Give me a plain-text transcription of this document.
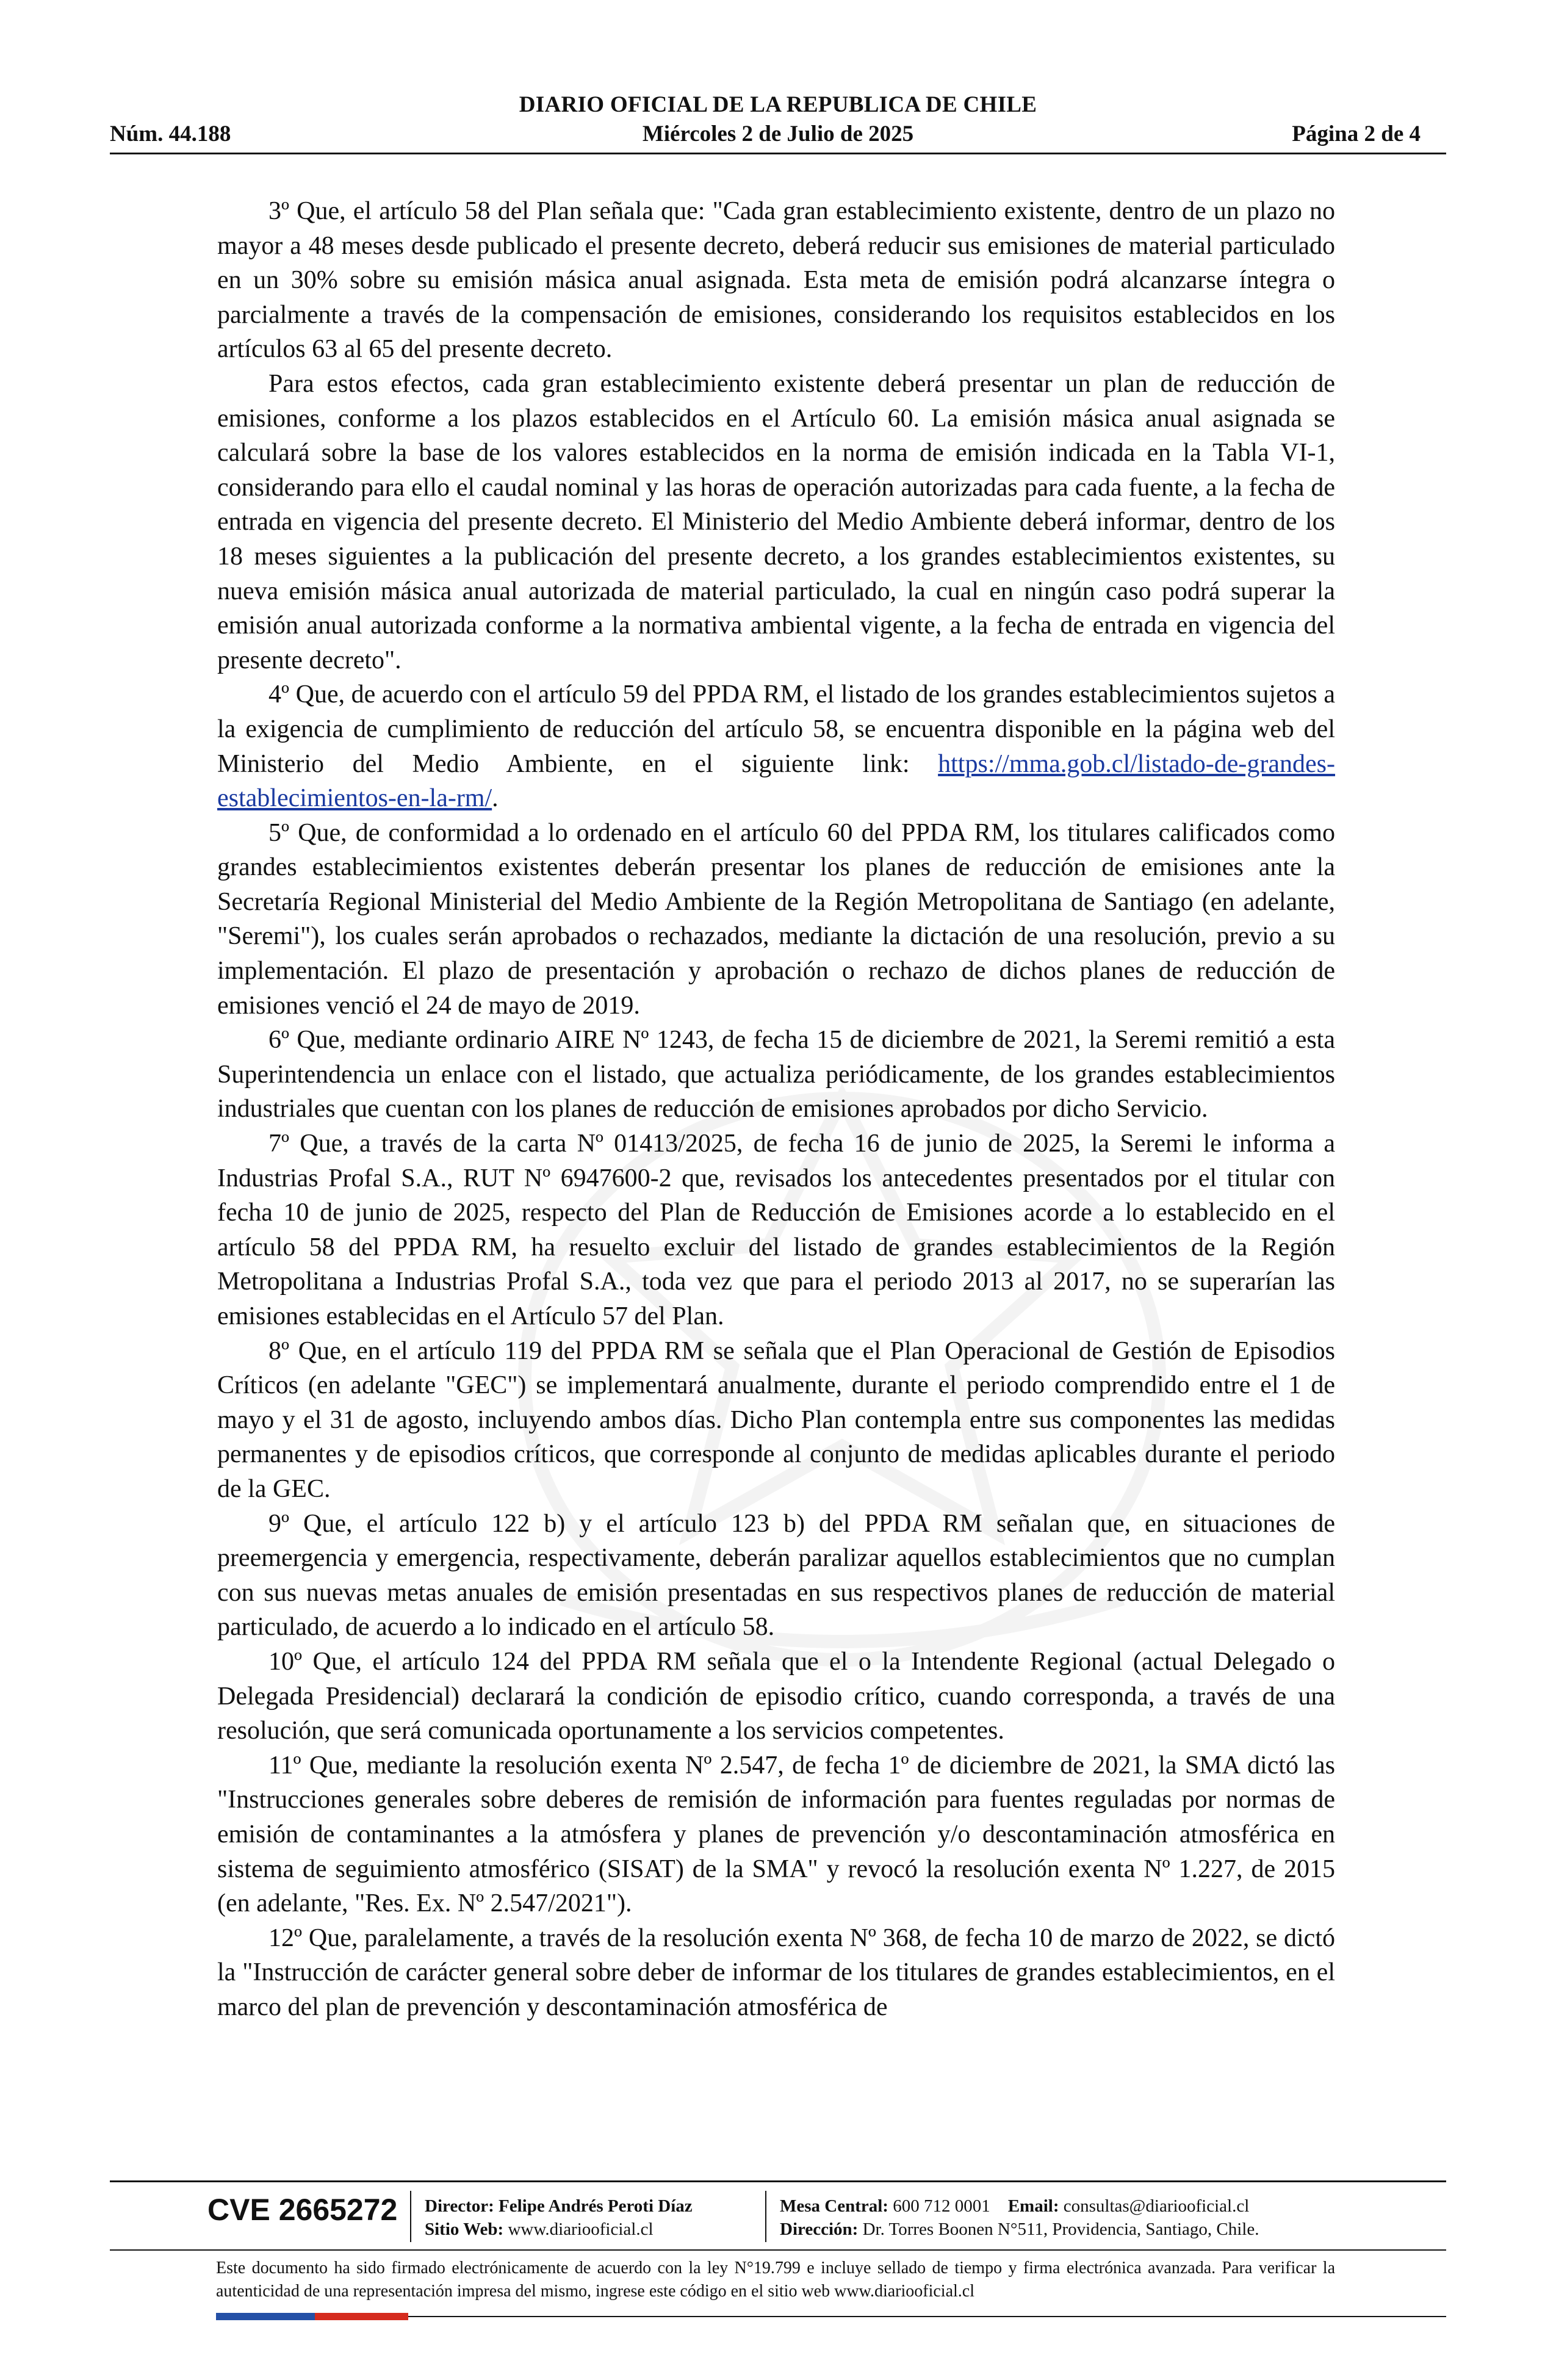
DIARIO OFICIAL DE LA REPUBLICA DE CHILE
Núm. 44.188	Miércoles 2 de Julio de 2025	Página 2 de 4

3º Que, el artículo 58 del Plan señala que: "Cada gran establecimiento existente, dentro de un plazo no mayor a 48 meses desde publicado el presente decreto, deberá reducir sus emisiones de material particulado en un 30% sobre su emisión másica anual asignada. Esta meta de emisión podrá alcanzarse íntegra o parcialmente a través de la compensación de emisiones, considerando los requisitos establecidos en los artículos 63 al 65 del presente decreto.

Para estos efectos, cada gran establecimiento existente deberá presentar un plan de reducción de emisiones, conforme a los plazos establecidos en el Artículo 60. La emisión másica anual asignada se calculará sobre la base de los valores establecidos en la norma de emisión indicada en la Tabla VI-1, considerando para ello el caudal nominal y las horas de operación autorizadas para cada fuente, a la fecha de entrada en vigencia del presente decreto. El Ministerio del Medio Ambiente deberá informar, dentro de los 18 meses siguientes a la publicación del presente decreto, a los grandes establecimientos existentes, su nueva emisión másica anual autorizada de material particulado, la cual en ningún caso podrá superar la emisión anual autorizada conforme a la normativa ambiental vigente, a la fecha de entrada en vigencia del presente decreto".

4º Que, de acuerdo con el artículo 59 del PPDA RM, el listado de los grandes establecimientos sujetos a la exigencia de cumplimiento de reducción del artículo 58, se encuentra disponible en la página web del Ministerio del Medio Ambiente, en el siguiente link: https://mma.gob.cl/listado-de-grandes-establecimientos-en-la-rm/.

5º Que, de conformidad a lo ordenado en el artículo 60 del PPDA RM, los titulares calificados como grandes establecimientos existentes deberán presentar los planes de reducción de emisiones ante la Secretaría Regional Ministerial del Medio Ambiente de la Región Metropolitana de Santiago (en adelante, "Seremi"), los cuales serán aprobados o rechazados, mediante la dictación de una resolución, previo a su implementación. El plazo de presentación y aprobación o rechazo de dichos planes de reducción de emisiones venció el 24 de mayo de 2019.

6º Que, mediante ordinario AIRE Nº 1243, de fecha 15 de diciembre de 2021, la Seremi remitió a esta Superintendencia un enlace con el listado, que actualiza periódicamente, de los grandes establecimientos industriales que cuentan con los planes de reducción de emisiones aprobados por dicho Servicio.

7º Que, a través de la carta Nº 01413/2025, de fecha 16 de junio de 2025, la Seremi le informa a Industrias Profal S.A., RUT Nº 6947600-2 que, revisados los antecedentes presentados por el titular con fecha 10 de junio de 2025, respecto del Plan de Reducción de Emisiones acorde a lo establecido en el artículo 58 del PPDA RM, ha resuelto excluir del listado de grandes establecimientos de la Región Metropolitana a Industrias Profal S.A., toda vez que para el periodo 2013 al 2017, no se superarían las emisiones establecidas en el Artículo 57 del Plan.

8º Que, en el artículo 119 del PPDA RM se señala que el Plan Operacional de Gestión de Episodios Críticos (en adelante "GEC") se implementará anualmente, durante el periodo comprendido entre el 1 de mayo y el 31 de agosto, incluyendo ambos días. Dicho Plan contempla entre sus componentes las medidas permanentes y de episodios críticos, que corresponde al conjunto de medidas aplicables durante el periodo de la GEC.

9º Que, el artículo 122 b) y el artículo 123 b) del PPDA RM señalan que, en situaciones de preemergencia y emergencia, respectivamente, deberán paralizar aquellos establecimientos que no cumplan con sus nuevas metas anuales de emisión presentadas en sus respectivos planes de reducción de material particulado, de acuerdo a lo indicado en el artículo 58.

10º Que, el artículo 124 del PPDA RM señala que el o la Intendente Regional (actual Delegado o Delegada Presidencial) declarará la condición de episodio crítico, cuando corresponda, a través de una resolución, que será comunicada oportunamente a los servicios competentes.

11º Que, mediante la resolución exenta Nº 2.547, de fecha 1º de diciembre de 2021, la SMA dictó las "Instrucciones generales sobre deberes de remisión de información para fuentes reguladas por normas de emisión de contaminantes a la atmósfera y planes de prevención y/o descontaminación atmosférica en sistema de seguimiento atmosférico (SISAT) de la SMA" y revocó la resolución exenta Nº 1.227, de 2015 (en adelante, "Res. Ex. Nº 2.547/2021").

12º Que, paralelamente, a través de la resolución exenta Nº 368, de fecha 10 de marzo de 2022, se dictó la "Instrucción de carácter general sobre deber de informar de los titulares de grandes establecimientos, en el marco del plan de prevención y descontaminación atmosférica de

CVE 2665272 Director: Felipe Andrés Peroti Díaz
Sitio Web: www.diariooficial.cl
Mesa Central: 600 712 0001 Email: consultas@diariooficial.cl
Dirección: Dr. Torres Boonen N°511, Providencia, Santiago, Chile.
Este documento ha sido firmado electrónicamente de acuerdo con la ley N°19.799 e incluye sellado de tiempo y firma electrónica avanzada. Para verificar la autenticidad de una representación impresa del mismo, ingrese este código en el sitio web www.diariooficial.cl
